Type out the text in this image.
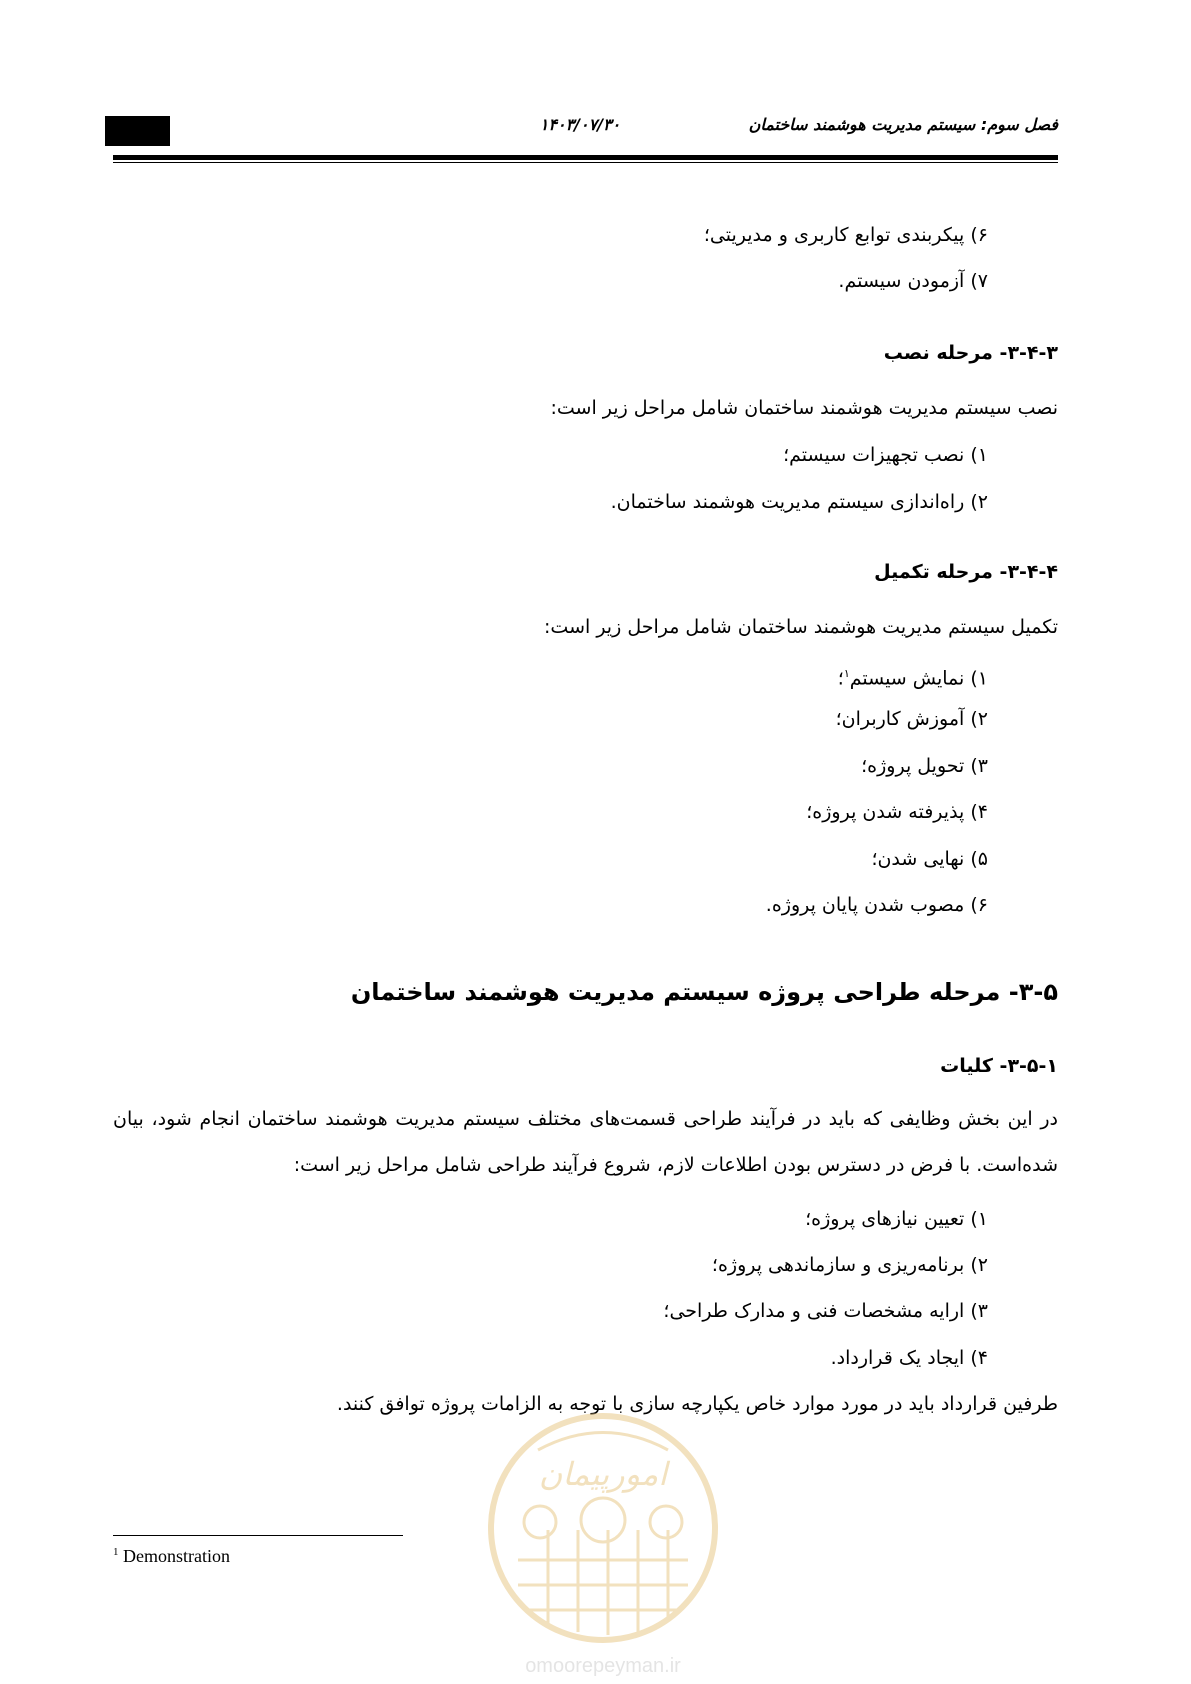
۱۴۰۳/۰۷/۳۰	فصل سوم: سیستم مدیریت هوشمند ساختمان
۶) پیکربندی توابع کاربری و مدیریتی؛
۷) آزمودن سیستم.
۳-۴-۳- مرحله نصب
نصب سیستم مدیریت هوشمند ساختمان شامل مراحل زیر است:
۱) نصب تجهیزات سیستم؛
۲) راه‌اندازی سیستم مدیریت هوشمند ساختمان.
۳-۴-۴- مرحله تکمیل
تکمیل سیستم مدیریت هوشمند ساختمان شامل مراحل زیر است:
۱) نمایش سیستم$^۱$؛
۲) آموزش کاربران؛
۳) تحویل پروژه؛
۴) پذیرفته شدن پروژه؛
۵) نهایی شدن؛
۶) مصوب شدن پایان پروژه.
۳-۵- مرحله طراحی پروژه سیستم مدیریت هوشمند ساختمان
۳-۵-۱- کلیات
در این بخش وظایفی که باید در فرآیند طراحی قسمت‌های مختلف سیستم مدیریت هوشمند ساختمان انجام شود، بیان شده‌است. با فرض در دسترس بودن اطلاعات لازم، شروع فرآیند طراحی شامل مراحل زیر است:
۱) تعیین نیازهای پروژه؛
۲) برنامه‌ریزی و سازماندهی پروژه؛
۳) ارایه مشخصات فنی و مدارک طراحی؛
۴) ایجاد یک قرارداد.
طرفین قرارداد باید در مورد موارد خاص یکپارچه سازی با توجه به الزامات پروژه توافق کنند.
امورپیمان
omoorepeyman.ir
$^1$ Demonstration
